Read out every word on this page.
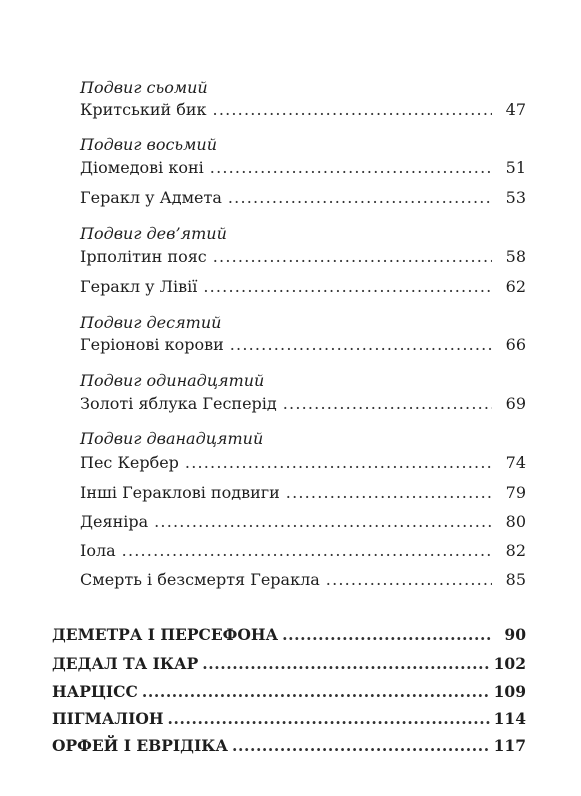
Подвиг сьомий
Критський бик .....	47
Подвиг восьмий
Діомедові коні .....	51
Геракл у Адмета .....	53
Подвиг дев’ятий
Ірполітин пояс .....	58
Геракл у Лівії .....	62
Подвиг десятий
Геріонові корови .....	66
Подвиг одинадцятий
Золоті яблука Гесперід .....	69
Подвиг дванадцятий
Пес Кербер .....	74
Інші Гераклові подвиги .....	79
Деяніра .....	80
Іола .....	82
Смерть і безсмертя Геракла .....	85
ДЕМЕТРА І ПЕРСЕФОНА .....	90
ДЕДАЛ ТА ІКАР .....	102
НАРЦІСС .....	109
ПІГМАЛІОН .....	114
ОРФЕЙ І ЕВРІДІКА .....	117
